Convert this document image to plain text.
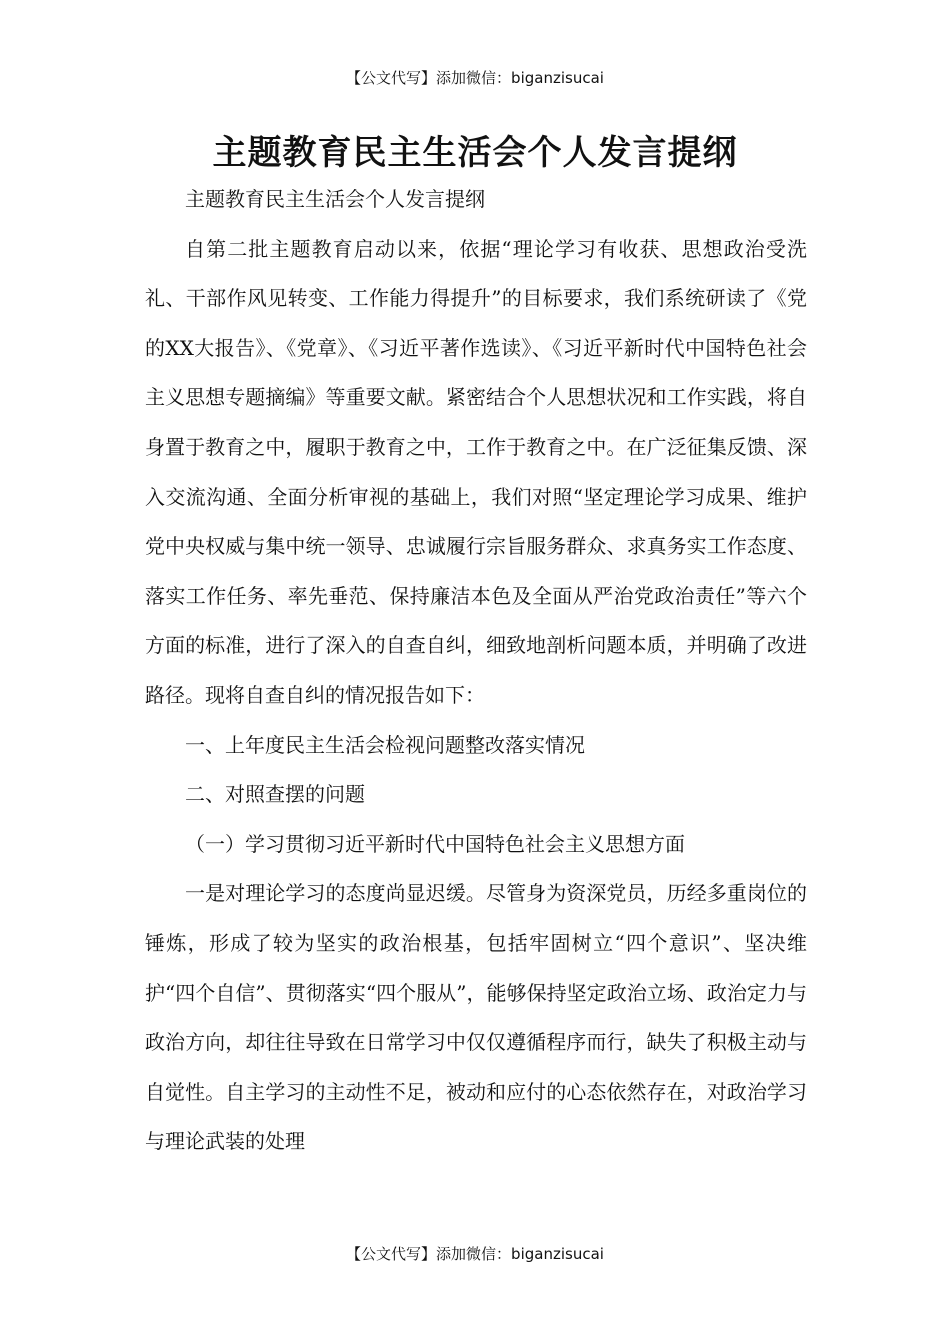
【公文代写】添加微信：biganzisucai
主题教育民主生活会个人发言提纲

主题教育民主生活会个人发言提纲

自第二批主题教育启动以来，依据“理论学习有收获、思想政治受洗礼、干部作风见转变、工作能力得提升”的目标要求，我们系统研读了《党的XX大报告》、《党章》、《习近平著作选读》、《习近平新时代中国特色社会主义思想专题摘编》等重要文献。紧密结合个人思想状况和工作实践，将自身置于教育之中，履职于教育之中，工作于教育之中。在广泛征集反馈、深入交流沟通、全面分析审视的基础上，我们对照“坚定理论学习成果、维护党中央权威与集中统一领导、忠诚履行宗旨服务群众、求真务实工作态度、落实工作任务、率先垂范、保持廉洁本色及全面从严治党政治责任”等六个方面的标准，进行了深入的自查自纠，细致地剖析问题本质，并明确了改进路径。现将自查自纠的情况报告如下：

一、上年度民主生活会检视问题整改落实情况

二、对照查摆的问题

（一）学习贯彻习近平新时代中国特色社会主义思想方面

一是对理论学习的态度尚显迟缓。尽管身为资深党员，历经多重岗位的锤炼，形成了较为坚实的政治根基，包括牢固树立“四个意识”、坚决维护“四个自信”、贯彻落实“四个服从”，能够保持坚定政治立场、政治定力与政治方向，却往往导致在日常学习中仅仅遵循程序而行，缺失了积极主动与自觉性。自主学习的主动性不足，被动和应付的心态依然存在，对政治学习与理论武装的处理

【公文代写】添加微信：biganzisucai
